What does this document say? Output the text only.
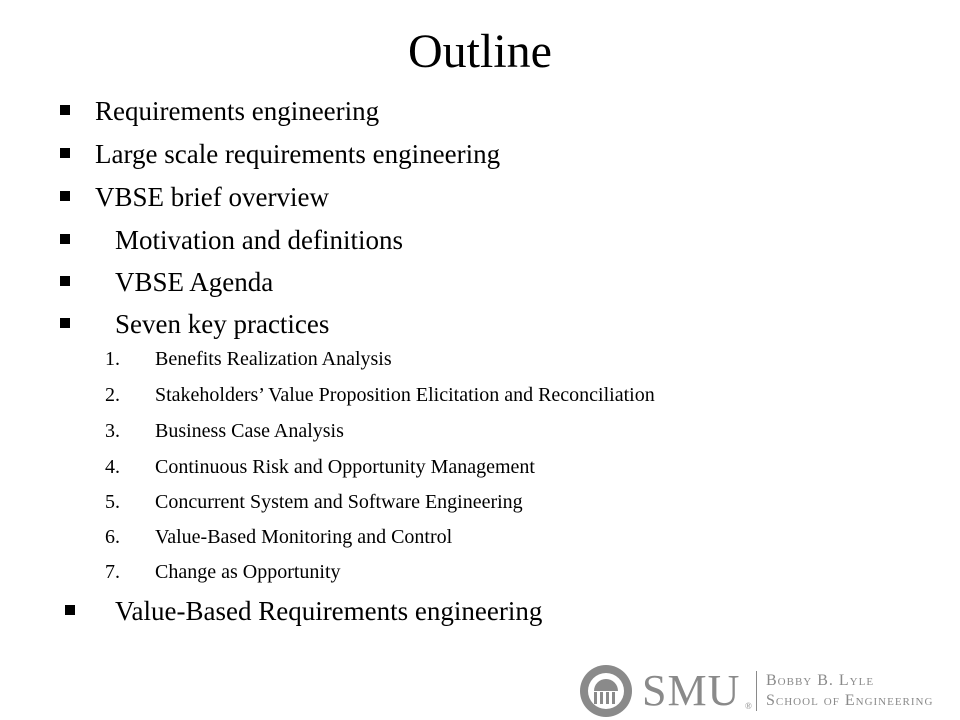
Outline
Requirements engineering
Large scale requirements engineering
VBSE brief overview
Motivation and definitions
VBSE Agenda
Seven key practices
1. Benefits Realization Analysis
2. Stakeholders’ Value Proposition Elicitation and Reconciliation
3. Business Case Analysis
4. Continuous Risk and Opportunity Management
5. Concurrent System and Software Engineering
6. Value-Based Monitoring and Control
7. Change as Opportunity
Value-Based Requirements engineering
SMU ®
Bobby B. Lyle
School of Engineering
